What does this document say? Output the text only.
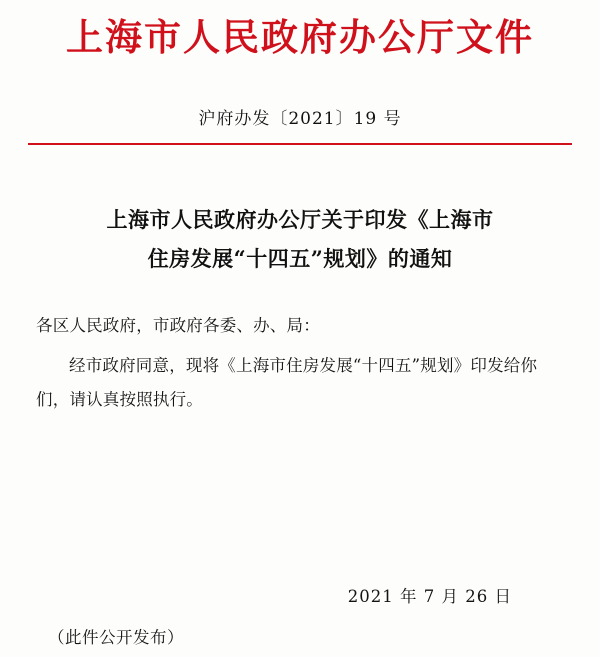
上海市人民政府办公厅文件
沪府办发〔2021〕19 号
上海市人民政府办公厅关于印发《上海市
住房发展“十四五”规划》的通知

各区人民政府，市政府各委、办、局：

经市政府同意，现将《上海市住房发展“十四五”规划》印发给你们，请认真按照执行。

2021 年 7 月 26 日
（此件公开发布）
